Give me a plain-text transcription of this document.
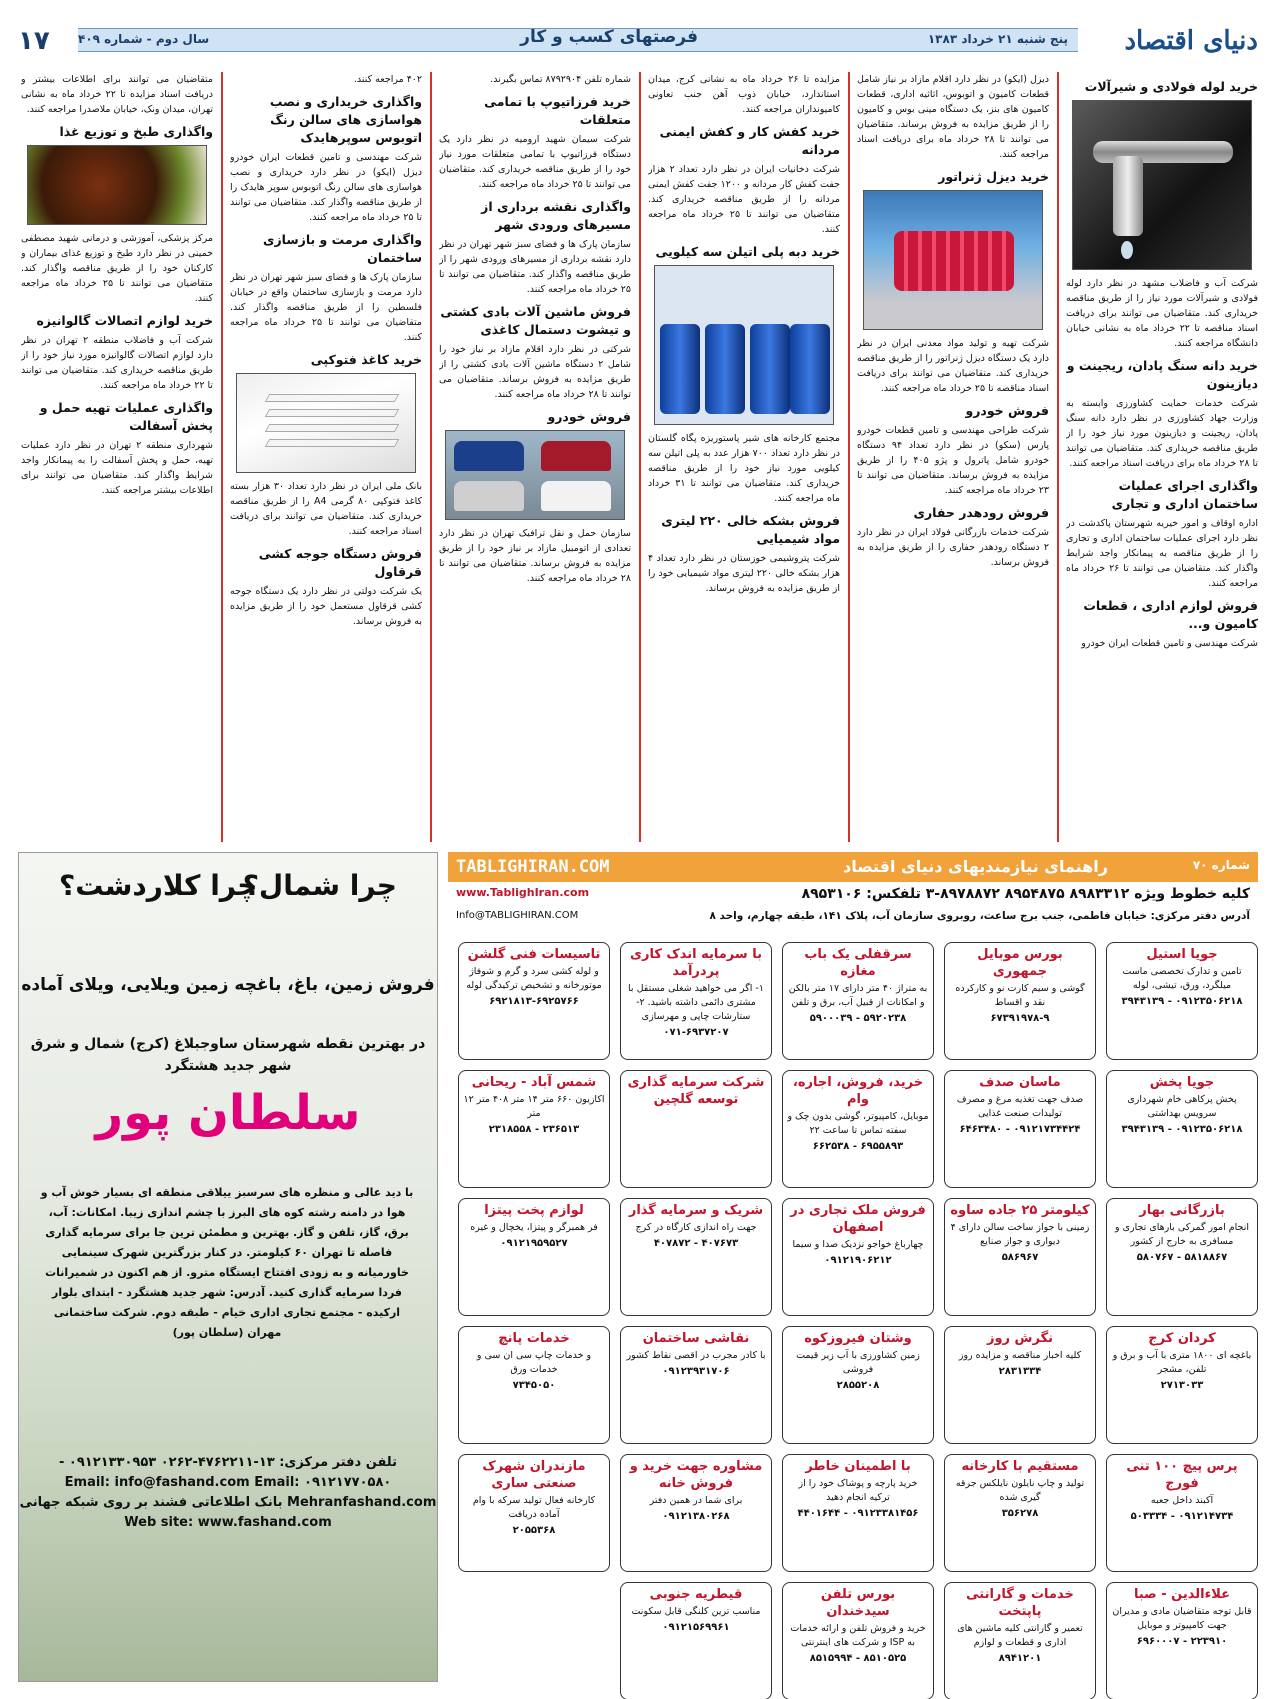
دنیای اقتصاد
پنج شنبه ۲۱ خرداد ۱۳۸۳
فرصتهای کسب و کار
سال دوم - شماره ۴۰۹
۱۷
خرید لوله فولادی و شیرآلات
شرکت آب و فاضلاب مشهد در نظر دارد لوله فولادی و شیرآلات مورد نیاز را از طریق مناقصه خریداری کند. متقاضیان می توانند برای دریافت اسناد مناقصه تا ۲۲ خرداد ماه به نشانی خیابان دانشگاه مراجعه کنند.
خرید دانه سنگ پادان، ریجینت و دیازینون
شرکت خدمات حمایت کشاورزی وابسته به وزارت جهاد کشاورزی در نظر دارد دانه سنگ پادان، ریجینت و دیازینون مورد نیاز خود را از طریق مناقصه خریداری کند. متقاضیان می توانند تا ۲۸ خرداد ماه برای دریافت اسناد مراجعه کنند.
واگذاری اجرای عملیات ساختمان اداری و تجاری
اداره اوقاف و امور خیریه شهرستان پاکدشت در نظر دارد اجرای عملیات ساختمان اداری و تجاری را از طریق مناقصه به پیمانکار واجد شرایط واگذار کند. متقاضیان می توانند تا ۲۶ خرداد ماه مراجعه کنند.
فروش لوازم اداری ، قطعات کامیون و...
شرکت مهندسی و تامین قطعات ایران خودرو
دیزل (ایکو) در نظر دارد اقلام مازاد بر نیاز شامل قطعات کامیون و اتوبوس، اثاثیه اداری، قطعات کامیون های بنز، یک دستگاه مینی بوس و کامیون را از طریق مزایده به فروش برساند. متقاضیان می توانند تا ۲۸ خرداد ماه برای دریافت اسناد مراجعه کنند.
خرید دیزل ژنراتور
شرکت تهیه و تولید مواد معدنی ایران در نظر دارد یک دستگاه دیزل ژنراتور را از طریق مناقصه خریداری کند. متقاضیان می توانند برای دریافت اسناد مناقصه تا ۲۵ خرداد ماه مراجعه کنند.
فروش خودرو
شرکت طراحی مهندسی و تامین قطعات خودرو پارس (سکو) در نظر دارد تعداد ۹۴ دستگاه خودرو شامل پاترول و پژو ۴۰۵ را از طریق مزایده به فروش برساند. متقاضیان می توانند تا ۲۳ خرداد ماه مراجعه کنند.
فروش رودهدر حفاری
شرکت خدمات بازرگانی فولاد ایران در نظر دارد ۲ دستگاه رودهدر حفاری را از طریق مزایده به فروش برساند.
مزایده تا ۲۶ خرداد ماه به نشانی کرج، میدان استاندارد، خیابان ذوب آهن جنب تعاونی کامیونداران مراجعه کنند.
خرید کفش کار و کفش ایمنی مردانه
شرکت دخانیات ایران در نظر دارد تعداد ۲ هزار جفت کفش کار مردانه و ۱۲۰۰ جفت کفش ایمنی مردانه را از طریق مناقصه خریداری کند. متقاضیان می توانند تا ۲۵ خرداد ماه مراجعه کنند.
خرید دبه پلی اتیلن سه کیلویی
مجتمع کارخانه های شیر پاستوریزه پگاه گلستان در نظر دارد تعداد ۷۰۰ هزار عدد به پلی اتیلن سه کیلویی مورد نیاز خود را از طریق مناقصه خریداری کند. متقاضیان می توانند تا ۳۱ خرداد ماه مراجعه کنند.
فروش بشکه خالی ۲۲۰ لیتری مواد شیمیایی
شرکت پتروشیمی خوزستان در نظر دارد تعداد ۴ هزار بشکه خالی ۲۲۰ لیتری مواد شیمیایی خود را از طریق مزایده به فروش برساند.
شماره تلفن ۸۷۹۲۹۰۴ تماس بگیرند.
خرید فرزاتیوپ با تمامی متعلقات
شرکت سیمان شهید ارومیه در نظر دارد یک دستگاه فرزاتیوپ با تمامی متعلقات مورد نیاز خود را از طریق مناقصه خریداری کند. متقاضیان می توانند تا ۲۵ خرداد ماه مراجعه کنند.
واگذاری نقشه برداری از مسیرهای ورودی شهر
سازمان پارک ها و فضای سبز شهر تهران در نظر دارد نقشه برداری از مسیرهای ورودی شهر را از طریق مناقصه واگذار کند. متقاضیان می توانند تا ۲۵ خرداد ماه مراجعه کنند.
فروش ماشین آلات بادی کشتی و تیشوت دستمال کاغذی
شرکتی در نظر دارد اقلام مازاد بر نیاز خود را شامل ۲ دستگاه ماشین آلات بادی کشتی را از طریق مزایده به فروش برساند. متقاضیان می توانند تا ۲۸ خرداد ماه مراجعه کنند.
فروش خودرو
سازمان حمل و نقل ترافیک تهران در نظر دارد تعدادی از اتومبیل مازاد بر نیاز خود را از طریق مزایده به فروش برساند. متقاضیان می توانند تا ۲۸ خرداد ماه مراجعه کنند.
۴۰۲ مراجعه کنند.
واگذاری خریداری و نصب هواسازی های سالن رنگ اتوبوس سوپرهایدک
شرکت مهندسی و تامین قطعات ایران خودرو دیزل (ایکو) در نظر دارد خریداری و نصب هواسازی های سالن رنگ اتوبوس سوپر هایدک را از طریق مناقصه واگذار کند. متقاضیان می توانند تا ۲۵ خرداد ماه مراجعه کنند.
واگذاری مرمت و بازسازی ساختمان
سازمان پارک ها و فضای سبز شهر تهران در نظر دارد مرمت و بازسازی ساختمان واقع در خیابان فلسطین را از طریق مناقصه واگذار کند. متقاضیان می توانند تا ۲۵ خرداد ماه مراجعه کنند.
خرید کاغذ فتوکپی
بانک ملی ایران در نظر دارد تعداد ۳۰ هزار بسته کاغذ فتوکپی ۸۰ گرمی A4 را از طریق مناقصه خریداری کند. متقاضیان می توانند برای دریافت اسناد مراجعه کنند.
فروش دستگاه جوجه کشی قرقاول
یک شرکت دولتی در نظر دارد یک دستگاه جوجه کشی قرقاول مستعمل خود را از طریق مزایده به فروش برساند.
متقاضیان می توانند برای اطلاعات بیشتر و دریافت اسناد مزایده تا ۲۲ خرداد ماه به نشانی تهران، میدان ونک، خیابان ملاصدرا مراجعه کنند.
واگذاری طبخ و توزیع غذا
مرکز پزشکی، آموزشی و درمانی شهید مصطفی خمینی در نظر دارد طبخ و توزیع غذای بیماران و کارکنان خود را از طریق مناقصه واگذار کند. متقاضیان می توانند تا ۲۵ خرداد ماه مراجعه کنند.
خرید لوازم اتصالات گالوانیزه
شرکت آب و فاضلاب منطقه ۲ تهران در نظر دارد لوازم اتصالات گالوانیزه مورد نیاز خود را از طریق مناقصه خریداری کند. متقاضیان می توانند تا ۲۲ خرداد ماه مراجعه کنند.
واگذاری عملیات تهیه حمل و پخش آسفالت
شهرداری منطقه ۲ تهران در نظر دارد عملیات تهیه، حمل و پخش آسفالت را به پیمانکار واجد شرایط واگذار کند. متقاضیان می توانند برای اطلاعات بیشتر مراجعه کنند.
چرا شمال؟
چرا کلاردشت؟
فروش زمین، باغ، باغچه زمین ویلایی، ویلای آماده
در بهترین نقطه شهرستان ساوجبلاغ (کرج) شمال و شرق شهر جدید هشتگرد
سلطان پور
با دید عالی و منظره های سرسبز ییلاقی منطقه ای بسیار خوش آب و هوا در دامنه رشته کوه های البرز با چشم اندازی زیبا. امکانات: آب، برق، گاز، تلفن و گاز. بهترین و مطمئن ترین جا برای سرمایه گذاری فاصله تا تهران ۶۰ کیلومتر. در کنار بزرگترین شهرک سینمایی خاورمیانه و به زودی افتتاح ایستگاه مترو. از هم اکنون در شمیرانات فردا سرمایه گذاری کنید. آدرس: شهر جدید هشتگرد - ابتدای بلوار ارکیده - مجتمع تجاری اداری خیام - طبقه دوم. شرکت ساختمانی مهران (سلطان پور)
تلفن دفتر مرکزی: ۱۳-۴۷۶۲۲۱۱-۰۲۶۲ ۰۹۱۲۱۳۳۰۹۵۳ - ۰۹۱۲۱۷۷۰۵۸۰ Email: info@fashand.com Email: Mehranfashand.com بانک اطلاعاتی فشند بر روی شبکه جهانی Web site: www.fashand.com
شماره ۷۰
راهنمای نیازمندیهای دنیای اقتصاد
TABLIGHIRAN.COM
کلیه خطوط ویژه ۸۹۸۳۳۱۲ ۸۹۵۴۸۷۵ ۸۹۷۸۸۷۲-۳ تلفکس: ۸۹۵۳۱۰۶
آدرس دفتر مرکزی: خیابان فاطمی، جنب برج ساعت، روبروی سازمان آب، پلاک ۱۴۱، طبقه چهارم، واحد ۸
www.TablighIran.com
Info@TABLIGHIRAN.COM
جویا استیل
تامین و تدارک تخصصی ماست میلگرد، ورق، تیشی، لوله
۳۹۴۳۱۳۹ - ۰۹۱۲۳۵۰۶۲۱۸
بورس موبایل جمهوری
گوشی و سیم کارت نو و کارکرده نقد و اقساط
۶۷۳۹۱۹۷۸-۹
سرقفلی یک باب مغازه
به متراژ ۴۰ متر دارای ۱۷ متر بالکن و امکانات از قبیل آب، برق و تلفن
۵۹۰۰۰۳۹ - ۵۹۲۰۲۳۸
با سرمایه اندک کاری پردرآمد
۱- اگر می خواهید شغلی مستقل با مشتری دائمی داشته باشید. ۲- ستارشات چاپی و مهرسازی
۰۷۱-۶۹۳۷۲۰۷
تاسیسات فنی گلشن
و لوله کشی سرد و گرم و شوفاژ موتورخانه و تشخیص ترکیدگی لوله
۶۹۲۱۸۱۳-۶۹۲۵۷۶۶
جویا پخش
پخش پرکاهی خام شهرداری سرویس بهداشتی
۳۹۴۳۱۳۹ - ۰۹۱۲۳۵۰۶۲۱۸
ماسان صدف
صدف جهت تغذیه مرغ و مصرف تولیدات صنعت غذایی
۶۴۶۳۴۸۰ - ۰۹۱۲۱۷۳۴۴۲۴
خرید، فروش، اجاره، وام
موبایل، کامپیوتر، گوشی بدون چک و سفته تماس تا ساعت ۲۲
۶۶۲۵۳۸ - ۶۹۵۵۸۹۳
شرکت سرمایه گذاری توسعه گلچین
شمس آباد - ریحانی
اکازیون ۶۶۰ متر ۱۴ متر ۴۰۸ متر ۱۲ متر
۲۳۱۸۵۵۸ - ۲۳۶۵۱۳
بازرگانی بهار
انجام امور گمرکی بارهای تجاری و مسافری به خارج از کشور
۵۸۰۷۶۷ - ۵۸۱۸۸۶۷
کیلومتر ۲۵ جاده ساوه
زمینی با جواز ساخت سالن دارای ۴ دیواری و جواز صنایع
۵۸۶۹۶۷
فروش ملک تجاری در اصفهان
چهارباغ خواجو نزدیک صدا و سیما
۰۹۱۲۱۹۰۶۲۱۲
شریک و سرمایه گذار
جهت راه اندازی کارگاه در کرج
۴۰۷۸۷۲ - ۴۰۷۶۷۳
لوازم پخت پیتزا
فر همبرگر و پیتزا، یخچال و غیره
۰۹۱۲۱۹۵۹۵۲۷
کردان کرج
باغچه ای ۱۸۰۰ متری با آب و برق و تلفن، مشجر
۲۷۱۳۰۳۳
نگرش روز
کلیه اخبار مناقصه و مزایده روز
۲۸۳۱۳۳۴
وشتان فیروزکوه
زمین کشاورزی با آب زیر قیمت فروشی
۲۸۵۵۲۰۸
نقاشی ساختمان
با کادر مجرب در اقصی نقاط کشور
۰۹۱۲۳۹۳۱۷۰۶
خدمات پانچ
و خدمات چاپ سی ان سی و خدمات ورق
۷۳۴۵۰۵۰
پرس پیچ ۱۰۰ تنی فورج
آکبند داخل جعبه
۵۰۳۳۳۴ - ۰۹۱۲۱۴۷۳۴
مستقیم با کارخانه
تولید و چاپ نایلون نایلکس جرقه گیری شده
۳۵۶۲۷۸
با اطمینان خاطر
خرید پارچه و پوشاک خود را از ترکیه انجام دهید
۴۴۰۱۶۴۴ - ۰۹۱۲۳۳۸۱۴۵۶
مشاوره جهت خرید و فروش خانه
برای شما در همین دفتر
۰۹۱۲۱۳۸۰۲۶۸
مازندران شهرک صنعتی ساری
کارخانه فعال تولید سرکه با وام آماده دریافت
۲۰۵۵۳۶۸
علاءالدین - صبا
قابل توجه متقاضیان مادی و مدیران جهت کامپیوتر و موبایل
۶۹۶۰۰۰۷ - ۲۲۳۹۱۰
خدمات و گارانتی پاپتخت
تعمیر و گارانتی کلیه ماشین های اداری و قطعات و لوازم
۸۹۴۱۲۰۱
بورس تلفن سیدخندان
خرید و فروش تلفن و ارائه خدمات به ISP و شرکت های اینترنتی
۸۵۱۵۹۹۴ - ۸۵۱۰۵۲۵
قیطریه جنوبی
مناسب ترین کلنگی قابل سکونت
۰۹۱۲۱۵۶۹۹۶۱
